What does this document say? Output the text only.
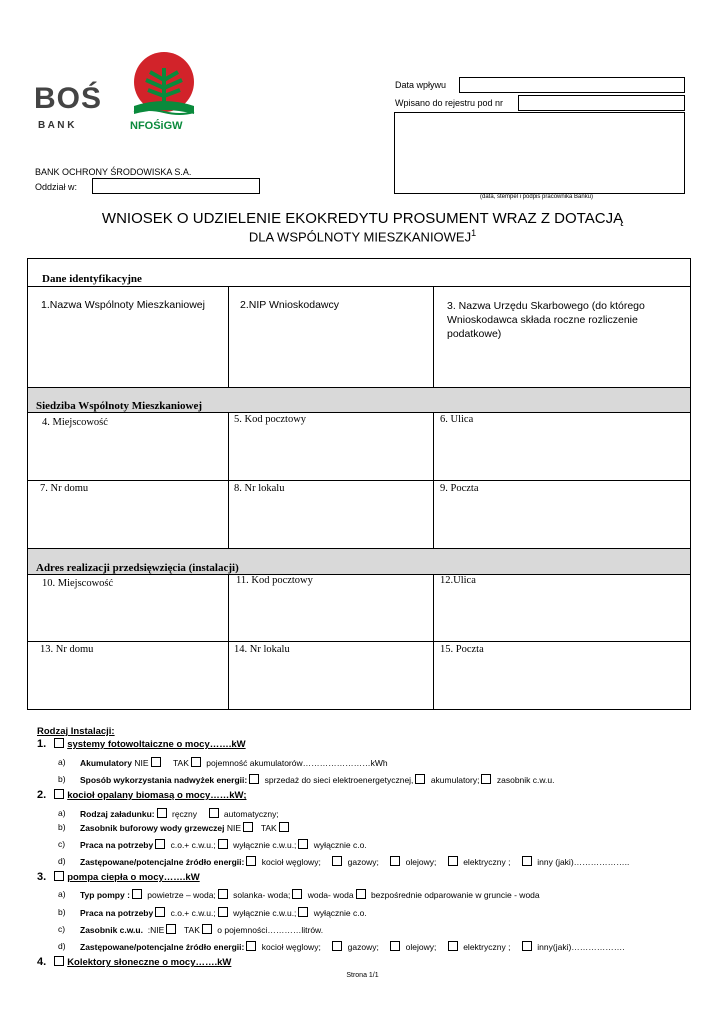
BOŚ
B A N K	NFOŚiGW
BANK OCHRONY ŚRODOWISKA S.A.
Oddział w:
Data wpływu
Wpisano do rejestru pod nr
(data, stempel i podpis pracownika Banku)
WNIOSEK O UDZIELENIE EKOKREDYTU PROSUMENT WRAZ Z DOTACJĄ
DLA WSPÓLNOTY MIESZKANIOWEJ$^1$
Dane identyfikacyjne
1.Nazwa Wspólnoty Mieszkaniowej	2.NIP Wnioskodawcy	3. Nazwa Urzędu Skarbowego (do którego Wnioskodawca składa roczne rozliczenie podatkowe)
Siedziba Wspólnoty Mieszkaniowej
4. Miejscowość	5. Kod pocztowy	6. Ulica
7. Nr domu	8. Nr lokalu	9. Poczta
Adres realizacji przedsięwzięcia (instalacji)
10. Miejscowość	11. Kod pocztowy	12.Ulica
13. Nr domu	14. Nr lokalu	15. Poczta
Rodzaj Instalacji:
1. systemy fotowoltaiczne o mocy…….kW
a) Akumulatory NIE	TAK pojemność akumulatorów……………………kWh
b) Sposób wykorzystania nadwyżek energii: sprzedaż do sieci elektroenergetycznej, akumulatory; zasobnik c.w.u.
2. kocioł opalany biomasą o mocy……kW;
a) Rodzaj załadunku: ręczny	automatyczny;
b) Zasobnik buforowy wody grzewczej NIE TAK
c) Praca na potrzeby c.o.+ c.w.u.; wyłącznie c.w.u.; wyłącznie c.o.
d) Zastępowane/potencjalne źródło energii: kocioł węglowy;	gazowy;	olejowy;	elektryczny ;	inny (jaki)………………..
3. pompa ciepła o mocy…….kW
a) Typ pompy : powietrze – woda; solanka- woda; woda- woda bezpośrednie odparowanie w gruncie - woda
b) Praca na potrzeby c.o.+ c.w.u.; wyłącznie c.w.u.; wyłącznie c.o.
c) Zasobnik c.w.u. :NIE TAK o pojemności…………litrów.
d) Zastępowane/potencjalne źródło energii: kocioł węglowy;	gazowy;	olejowy;	elektryczny ;	inny(jaki)……………….
4. Kolektory słoneczne o mocy…….kW
Strona 1/1
